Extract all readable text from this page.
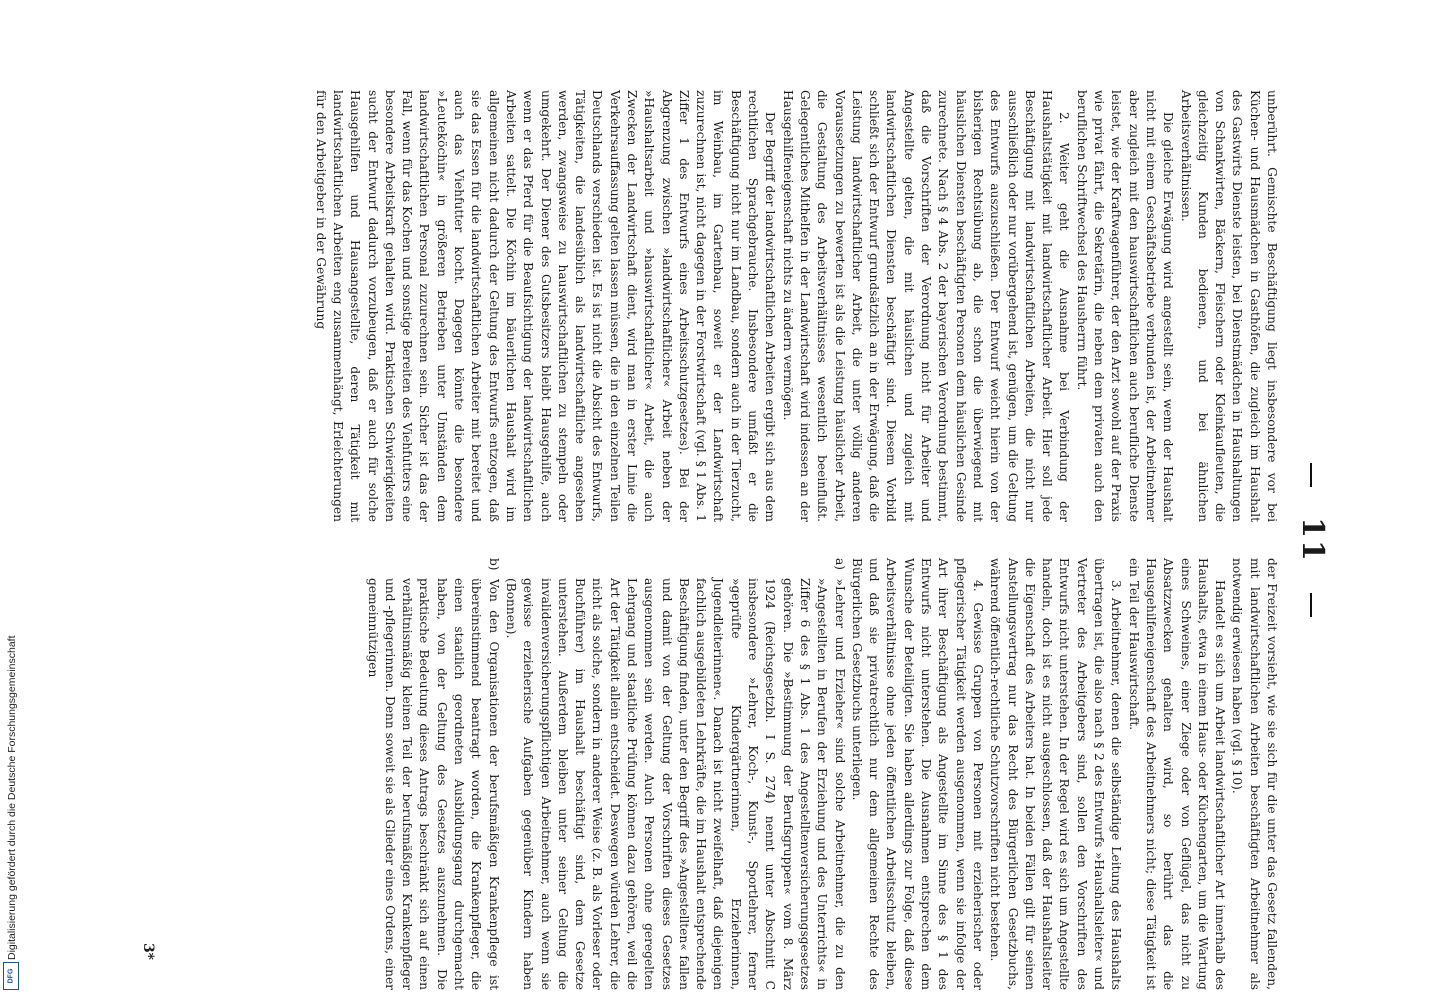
11

unberührt. Gemischte Beschäftigung liegt insbesondere vor bei Küchen- und Hausmädchen in Gasthöfen, die zugleich im Haushalt des Gastwirts Dienste leisten, bei Dienstmädchen in Haushaltungen von Schankwirten, Bäckern, Fleischern oder Kleinkaufleuten, die gleichzeitig Kunden bedienen, und bei ähnlichen Arbeitsverhältnissen.

Die gleiche Erwägung wird angestellt sein, wenn der Haushalt nicht mit einem Geschäftsbetriebe verbunden ist, der Arbeitnehmer aber zugleich mit den hauswirtschaftlichen auch berufliche Dienste leistet, wie der Kraftwagenführer, der den Arzt sowohl auf der Praxis wie privat fährt, die Sekretärin, die neben dem privaten auch den beruflichen Schriftwechsel des Hausherrn führt.

2. Weiter geht die Ausnahme bei Verbindung der Haushaltstätigkeit mit landwirtschaftlicher Arbeit. Hier soll jede Beschäftigung mit landwirtschaftlichen Arbeiten, die nicht nur ausschließlich oder nur vorübergehend ist, genügen, um die Geltung des Entwurfs auszuschließen. Der Entwurf weicht hierin von der bisherigen Rechtsübung ab, die schon die überwiegend mit häuslichen Diensten beschäftigten Personen dem häuslichen Gesinde zurechnete. Nach § 4 Abs. 2 der bayerischen Verordnung bestimmt, daß die Vorschriften der Verordnung nicht für Arbeiter und Angestellte gelten, die mit häuslichen und zugleich mit landwirtschaftlichen Diensten beschäftigt sind. Diesem Vorbild schließt sich der Entwurf grundsätzlich an in der Erwägung, daß die Leistung landwirtschaftlicher Arbeit, die unter völlig anderen Voraussetzungen zu bewerten ist als die Leistung häuslicher Arbeit, die Gestaltung des Arbeitsverhältnisses wesentlich beeinflußt. Gelegentliches Mithelfen in der Landwirtschaft wird indessen an der Hausgehilfeneigenschaft nichts zu ändern vermögen.

Der Begriff der landwirtschaftlichen Arbeiten ergibt sich aus dem rechtlichen Sprachgebrauche. Insbesondere umfaßt er die Beschäftigung nicht nur im Landbau, sondern auch in der Tierzucht, im Weinbau, im Gartenbau, soweit er der Landwirtschaft zuzurechnen ist, nicht dagegen in der Forstwirtschaft (vgl. § 1 Abs. 1 Ziffer 1 des Entwurfs eines Arbeitsschutzgesetzes). Bei der Abgrenzung zwischen »landwirtschaftlicher« Arbeit neben der »Haushaltsarbeit und »hauswirtschaftlicher« Arbeit, die auch Zwecken der Landwirtschaft dient, wird man in erster Linie die Verkehrsauffassung gelten lassen müssen, die in den einzelnen Teilen Deutschlands verschieden ist. Es ist nicht die Absicht des Entwurfs, Tätigkeiten, die landesüblich als landwirtschaftliche angesehen werden, zwangsweise zu hauswirtschaftlichen zu stempeln oder umgekehrt. Der Diener des Gutsbesitzers bleibt Hausgehilfe, auch wenn er das Pferd für die Beaufsichtigung der landwirtschaftlichen Arbeiten sattelt. Die Köchin im bäuerlichen Haushalt wird im allgemeinen nicht dadurch der Geltung des Entwurfs entzogen, daß sie das Essen für die landwirtschaftlichen Arbeiter mit bereitet und auch das Viehfutter kocht. Dagegen könnte die besondere »Leuteköchin« in größeren Betrieben unter Umständen dem landwirtschaftlichen Personal zuzurechnen sein. Sicher ist das der Fall, wenn für das Kochen und sonstige Bereiten des Viehfutters eine besondere Arbeitskraft gehalten wird. Praktischen Schwierigkeiten sucht der Entwurf dadurch vorzubeugen, daß er auch für solche Hausgehilfen und Hausangestellte, deren Tätigkeit mit landwirtschaftlichen Arbeiten eng zusammenhängt, Erleichterungen für den Arbeitgeber in der Gewährung

der Freizeit vorsieht, wie sie sich für die unter das Gesetz fallenden, mit landwirtschaftlichen Arbeiten beschäftigten Arbeitnehmer als notwendig erwiesen haben (vgl. § 10).

Handelt es sich um Arbeit landwirtschaftlicher Art innerhalb des Haushalts, etwa in einem Haus- oder Küchengarten, um die Wartung eines Schweines, einer Ziege oder von Geflügel, das nicht zu Absatzzwecken gehalten wird, so berührt das die Hausgehilfeneigenschaft des Arbeitnehmers nicht; diese Tätigkeit ist ein Teil der Hauswirtschaft.

3. Arbeitnehmer, denen die selbständige Leitung des Haushalts übertragen ist, die also nach § 2 des Entwurfs »Haushaltsleiter« und Vertreter des Arbeitgebers sind, sollen den Vorschriften des Entwurfs nicht unterstehen. In der Regel wird es sich um Angestellte handeln, doch ist es nicht ausgeschlossen, daß der Haushaltsleiter die Eigenschaft des Arbeiters hat. In beiden Fällen gilt für seinen Anstellungsvertrag nur das Recht des Bürgerlichen Gesetzbuchs, während öffentlich-rechtliche Schutzvorschriften nicht bestehen.

4. Gewisse Gruppen von Personen mit erzieherischer oder pflegerischer Tätigkeit werden ausgenommen, wenn sie infolge der Art ihrer Beschäftigung als Angestellte im Sinne des § 1 des Entwurfs nicht unterstehen. Die Ausnahmen entsprechen dem Wunsche der Beteiligten. Sie haben allerdings zur Folge, daß diese Arbeitsverhältnisse ohne jeden öffentlichen Arbeitsschutz bleiben, und daß sie privatrechtlich nur dem allgemeinen Rechte des Bürgerlichen Gesetzbuchs unterliegen.

a) »Lehrer und Erzieher« sind solche Arbeitnehmer, die zu den »Angestellten in Berufen der Erziehung und des Unterrichts« in Ziffer 6 des § 1 Abs. 1 des Angestelltenversicherungsgesetzes gehören. Die »Bestimmung der Berufsgruppen« vom 8. März 1924 (Reichsgesetzbl. I S. 274) nennt unter Abschnitt C insbesondere »Lehrer, Koch-, Kunst-, Sportlehrer, ferner »geprüfte Kindergärtnerinnen, Erzieherinnen, Jugendleiterinnen«. Danach ist nicht zweifelhaft, daß diejenigen fachlich ausgebildeten Lehrkräfte, die im Haushalt entsprechende Beschäftigung finden, unter den Begriff des »Angestellten« fallen und damit von der Geltung der Vorschriften dieses Gesetzes ausgenommen sein werden. Auch Personen ohne geregelten Lehrgang und staatliche Prüfung können dazu gehören, weil die Art der Tätigkeit allein entscheidet. Deswegen würden Lehrer, die nicht als solche, sondern in anderer Weise (z. B. als Vorleser oder Buchführer) im Haushalt beschäftigt sind, dem Gesetze unterstehen. Außerdem bleiben unter seiner Geltung die invalidenversicherungspflichtigen Arbeitnehmer, auch wenn sie gewisse erzieherische Aufgaben gegenüber Kindern haben (Bonnen).

b) Von den Organisationen der berufsmäßigen Krankenpflege ist übereinstimmend beantragt worden, die Krankenpfleger, die einen staatlich geordneten Ausbildungsgang durchgemacht haben, von der Geltung des Gesetzes auszunehmen. Die praktische Bedeutung dieses Antrags beschränkt sich auf einen verhältnismäßig kleinen Teil der berufsmäßigen Krankenpfleger und -pflegerinnen. Denn soweit sie als Glieder eines Ordens, einer gemeinnützigen

3*
Digitalisierung gefördert durch die Deutsche Forschungsgemeinschaft
DFG
